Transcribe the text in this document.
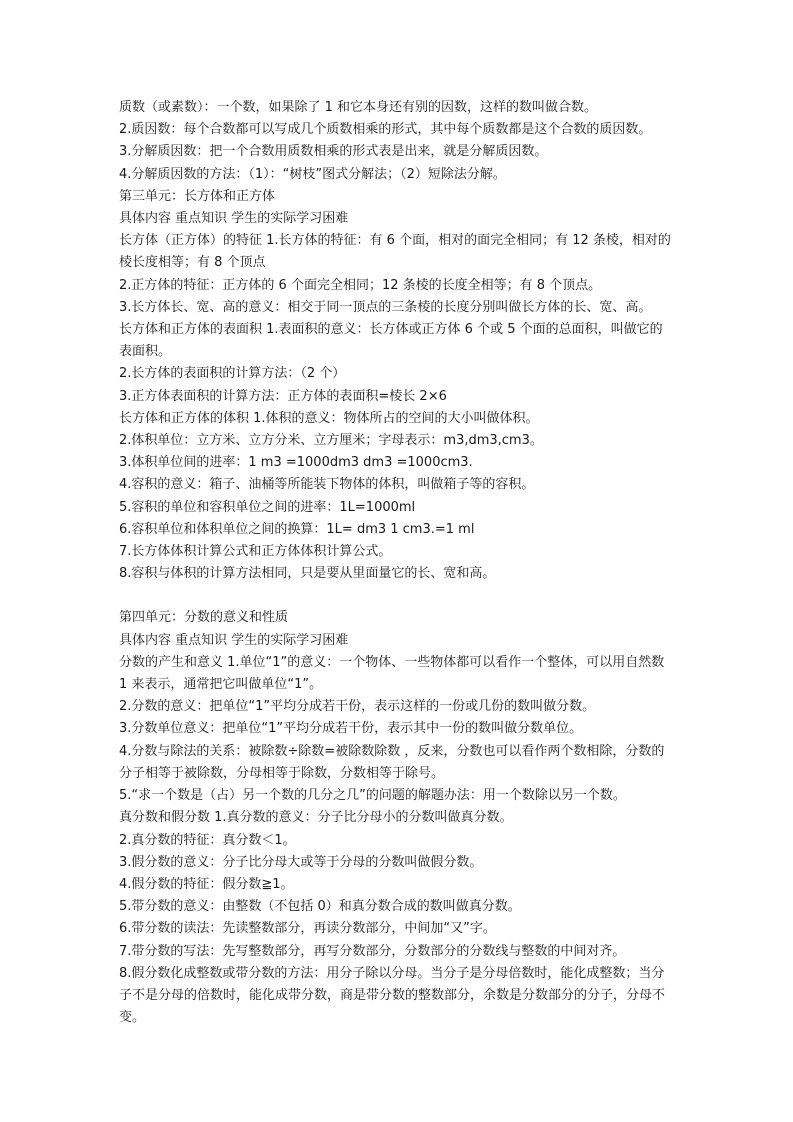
质数（或素数）：一个数，如果除了 1 和它本身还有别的因数，这样的数叫做合数。
2.质因数：每个合数都可以写成几个质数相乘的形式，其中每个质数都是这个合数的质因数。
3.分解质因数：把一个合数用质数相乘的形式表是出来，就是分解质因数。
4.分解质因数的方法：（1）：“树枝”图式分解法；（2）短除法分解。
第三单元：长方体和正方体
具体内容 重点知识 学生的实际学习困难
长方体（正方体）的特征 1.长方体的特征：有 6 个面，相对的面完全相同；有 12 条棱，相对的棱长度相等；有 8 个顶点
2.正方体的特征：正方体的 6 个面完全相同；12 条棱的长度全相等；有 8 个顶点。
3.长方体长、宽、高的意义：相交于同一顶点的三条棱的长度分别叫做长方体的长、宽、高。
长方体和正方体的表面积 1.表面积的意义：长方体或正方体 6 个或 5 个面的总面积，叫做它的表面积。
2.长方体的表面积的计算方法：（2 个）
3.正方体表面积的计算方法：正方体的表面积=棱长 2×6
长方体和正方体的体积 1.体积的意义：物体所占的空间的大小叫做体积。
2.体积单位：立方米、立方分米、立方厘米；字母表示：m3,dm3,cm3。
3.体积单位间的进率：1 m3 =1000dm3 dm3 =1000cm3.
4.容积的意义：箱子、油桶等所能装下物体的体积，叫做箱子等的容积。
5.容积的单位和容积单位之间的进率：1L=1000ml
6.容积单位和体积单位之间的换算：1L= dm3 1 cm3.=1 ml
7.长方体体积计算公式和正方体体积计算公式。
8.容积与体积的计算方法相同，只是要从里面量它的长、宽和高。
第四单元：分数的意义和性质
具体内容 重点知识 学生的实际学习困难
分数的产生和意义 1.单位“1”的意义：一个物体、一些物体都可以看作一个整体，可以用自然数 1 来表示，通常把它叫做单位“1”。
2.分数的意义：把单位“1”平均分成若干份，表示这样的一份或几份的数叫做分数。
3.分数单位意义：把单位“1”平均分成若干份，表示其中一份的数叫做分数单位。
4.分数与除法的关系：被除数÷除数=被除数除数 ，反来，分数也可以看作两个数相除，分数的分子相等于被除数，分母相等于除数，分数相等于除号。
5.“求一个数是（占）另一个数的几分之几”的问题的解题办法：用一个数除以另一个数。
真分数和假分数 1.真分数的意义：分子比分母小的分数叫做真分数。
2.真分数的特征：真分数＜1。
3.假分数的意义：分子比分母大或等于分母的分数叫做假分数。
4.假分数的特征：假分数≧1。
5.带分数的意义：由整数（不包括 0）和真分数合成的数叫做真分数。
6.带分数的读法：先读整数部分，再读分数部分，中间加“又”字。
7.带分数的写法：先写整数部分，再写分数部分，分数部分的分数线与整数的中间对齐。
8.假分数化成整数或带分数的方法：用分子除以分母。当分子是分母倍数时，能化成整数；当分子不是分母的倍数时，能化成带分数，商是带分数的整数部分，余数是分数部分的分子，分母不变。
